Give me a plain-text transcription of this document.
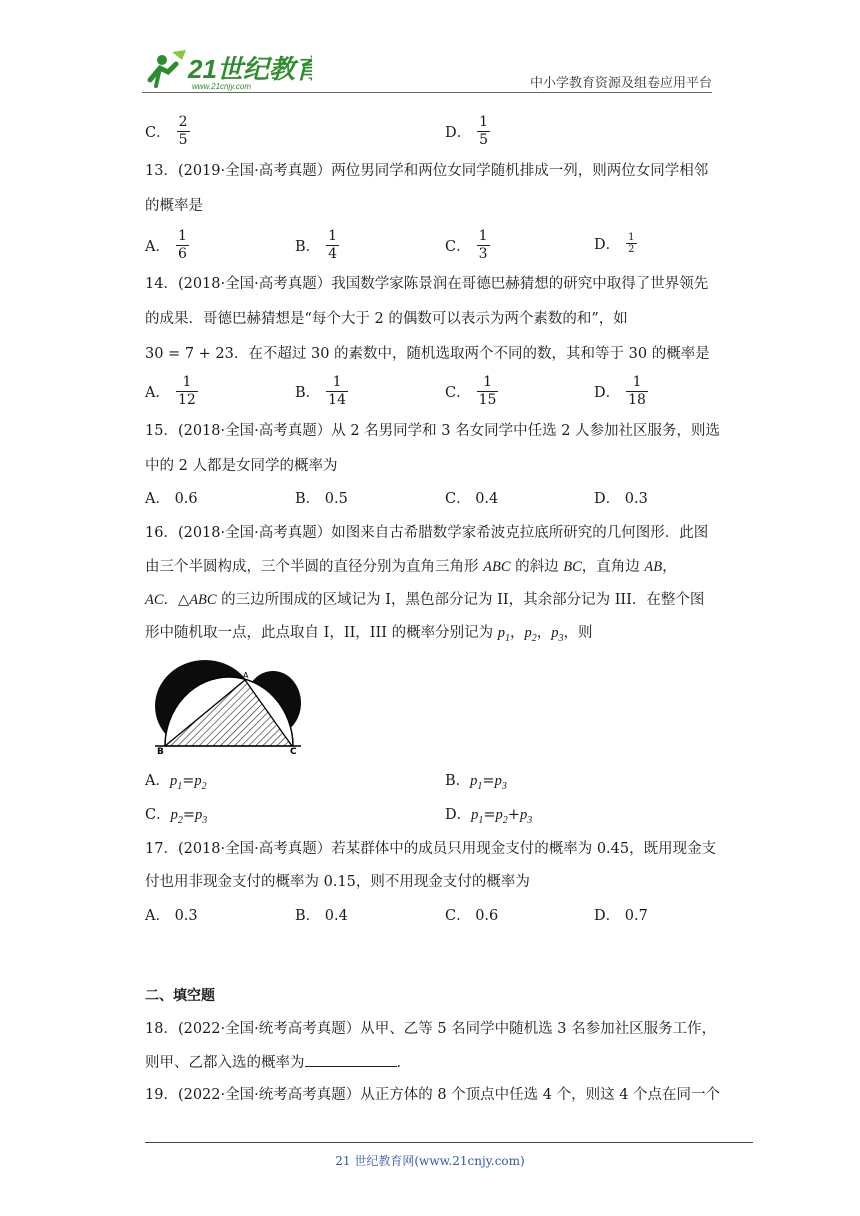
21世纪教育
www.21cnjy.com	中小学教育资源及组卷应用平台
C． $\frac{2}{5}$	D． $\frac{1}{5}$
13．(2019·全国·高考真题）两位男同学和两位女同学随机排成一列，则两位女同学相邻
的概率是
A． $\frac{1}{6}$	B． $\frac{1}{4}$	C． $\frac{1}{3}$	D． $\frac{1}{2}$
14．(2018·全国·高考真题）我国数学家陈景润在哥德巴赫猜想的研究中取得了世界领先
的成果．哥德巴赫猜想是“每个大于 2 的偶数可以表示为两个素数的和”，如
30 = 7 + 23．在不超过 30 的素数中，随机选取两个不同的数，其和等于 30 的概率是
A． $\frac{1}{12}$	B． $\frac{1}{14}$	C． $\frac{1}{15}$	D． $\frac{1}{18}$
15．(2018·全国·高考真题）从 2 名男同学和 3 名女同学中任选 2 人参加社区服务，则选
中的 2 人都是女同学的概率为
A． 0.6	B． 0.5	C． 0.4	D． 0.3
16．(2018·全国·高考真题）如图来自古希腊数学家希波克拉底所研究的几何图形．此图
由三个半圆构成，三个半圆的直径分别为直角三角形 ABC 的斜边 BC，直角边 AB，
AC．△ABC 的三边所围成的区域记为 I，黑色部分记为 II，其余部分记为 III．在整个图
形中随机取一点，此点取自 I，II，III 的概率分别记为 $p_1$，$p_2$，$p_3$，则
A
B	C
A．$p_1=p_2$	B．$p_1=p_3$
C．$p_2=p_3$	D．$p_1=p_2+p_3$
17．(2018·全国·高考真题）若某群体中的成员只用现金支付的概率为 0.45，既用现金支
付也用非现金支付的概率为 0.15，则不用现金支付的概率为
A． 0.3	B． 0.4	C． 0.6	D． 0.7
二、填空题
18．(2022·全国·统考高考真题）从甲、乙等 5 名同学中随机选 3 名参加社区服务工作，
则甲、乙都入选的概率为	．
19．(2022·全国·统考高考真题）从正方体的 8 个顶点中任选 4 个，则这 4 个点在同一个
21 世纪教育网(www.21cnjy.com)
